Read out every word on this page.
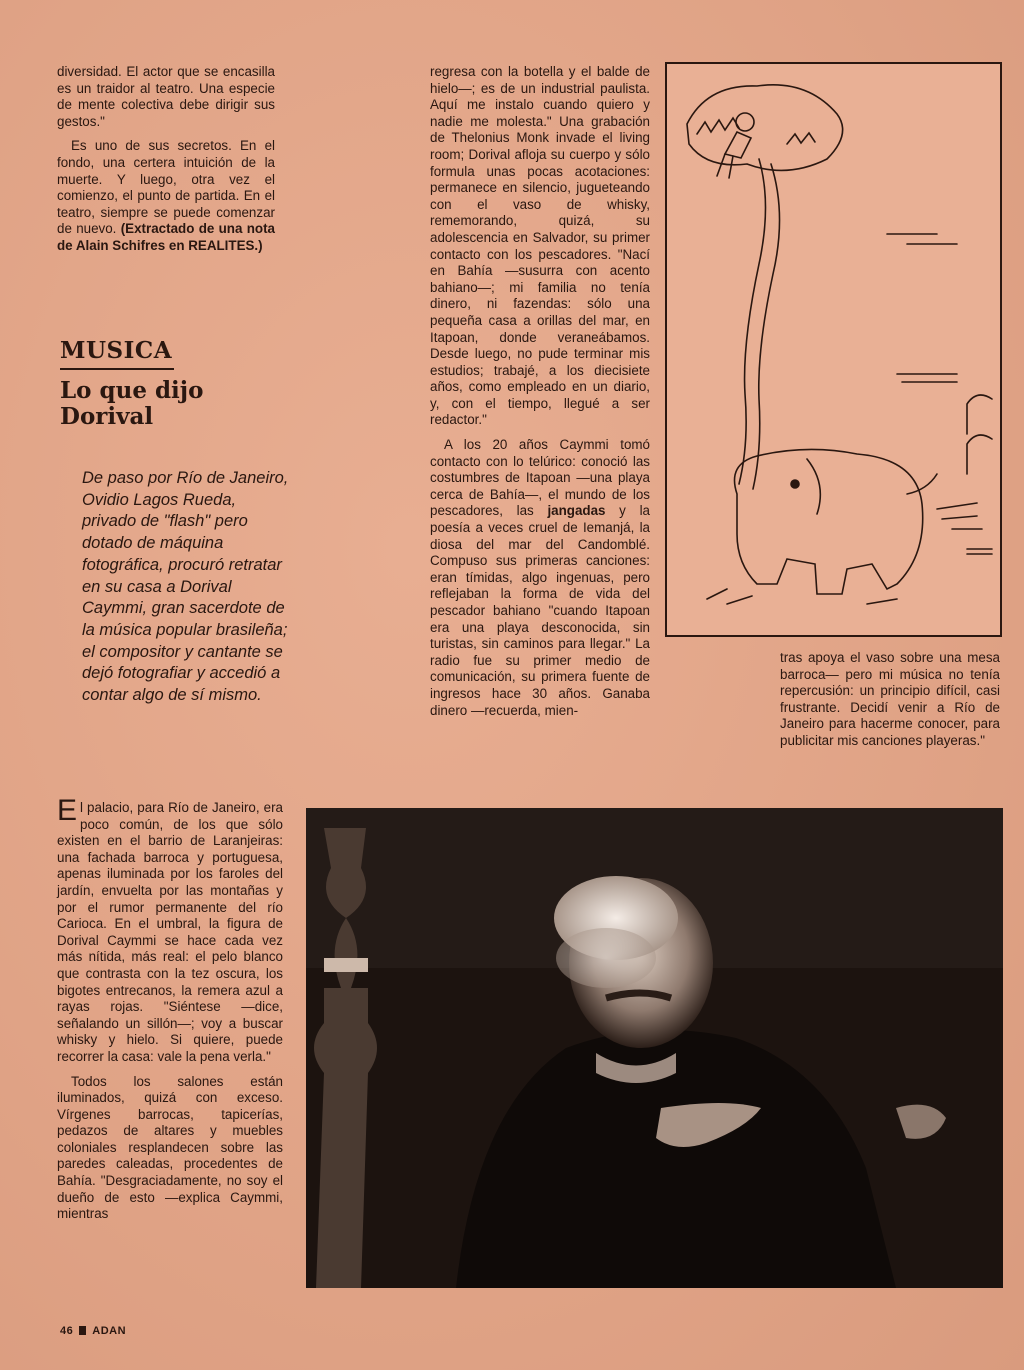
diversidad. El actor que se encasilla es un traidor al teatro. Una especie de mente colectiva debe dirigir sus gestos."

Es uno de sus secretos. En el fondo, una certera intuición de la muerte. Y luego, otra vez el comienzo, el punto de partida. En el teatro, siempre se puede comenzar de nuevo. (Extractado de una nota de Alain Schifres en REALITES.)

MUSICA
Lo que dijo Dorival
De paso por Río de Janeiro, Ovidio Lagos Rueda, privado de "flash" pero dotado de máquina fotográfica, procuró retratar en su casa a Dorival Caymmi, gran sacerdote de la música popular brasileña; el compositor y cantante se dejó fotografiar y accedió a contar algo de sí mismo.

regresa con la botella y el balde de hielo—; es de un industrial paulista. Aquí me instalo cuando quiero y nadie me molesta." Una grabación de Thelonius Monk invade el living room; Dorival afloja su cuerpo y sólo formula unas pocas acotaciones: permanece en silencio, jugueteando con el vaso de whisky, rememorando, quizá, su adolescencia en Salvador, su primer contacto con los pescadores. "Nací en Bahía —susurra con acento bahiano—; mi familia no tenía dinero, ni fazendas: sólo una pequeña casa a orillas del mar, en Itapoan, donde veraneábamos. Desde luego, no pude terminar mis estudios; trabajé, a los diecisiete años, como empleado en un diario, y, con el tiempo, llegué a ser redactor."

A los 20 años Caymmi tomó contacto con lo telúrico: conoció las costumbres de Itapoan —una playa cerca de Bahía—, el mundo de los pescadores, las jangadas y la poesía a veces cruel de Iemanjá, la diosa del mar del Candomblé. Compuso sus primeras canciones: eran tímidas, algo ingenuas, pero reflejaban la forma de vida del pescador bahiano "cuando Itapoan era una playa desconocida, sin turistas, sin caminos para llegar." La radio fue su primer medio de comunicación, su primera fuente de ingresos hace 30 años. Ganaba dinero —recuerda, mien-

tras apoya el vaso sobre una mesa barroca— pero mi música no tenía repercusión: un principio difícil, casi frustrante. Decidí venir a Río de Janeiro para hacerme conocer, para publicitar mis canciones playeras."

El palacio, para Río de Janeiro, era poco común, de los que sólo existen en el barrio de Laranjeiras: una fachada barroca y portuguesa, apenas iluminada por los faroles del jardín, envuelta por las montañas y por el rumor permanente del río Carioca. En el umbral, la figura de Dorival Caymmi se hace cada vez más nítida, más real: el pelo blanco que contrasta con la tez oscura, los bigotes entrecanos, la remera azul a rayas rojas. "Siéntese —dice, señalando un sillón—; voy a buscar whisky y hielo. Si quiere, puede recorrer la casa: vale la pena verla."

Todos los salones están iluminados, quizá con exceso. Vírgenes barrocas, tapicerías, pedazos de altares y muebles coloniales resplandecen sobre las paredes caleadas, procedentes de Bahía. "Desgraciadamente, no soy el dueño de esto —explica Caymmi, mientras

46 ADAN
